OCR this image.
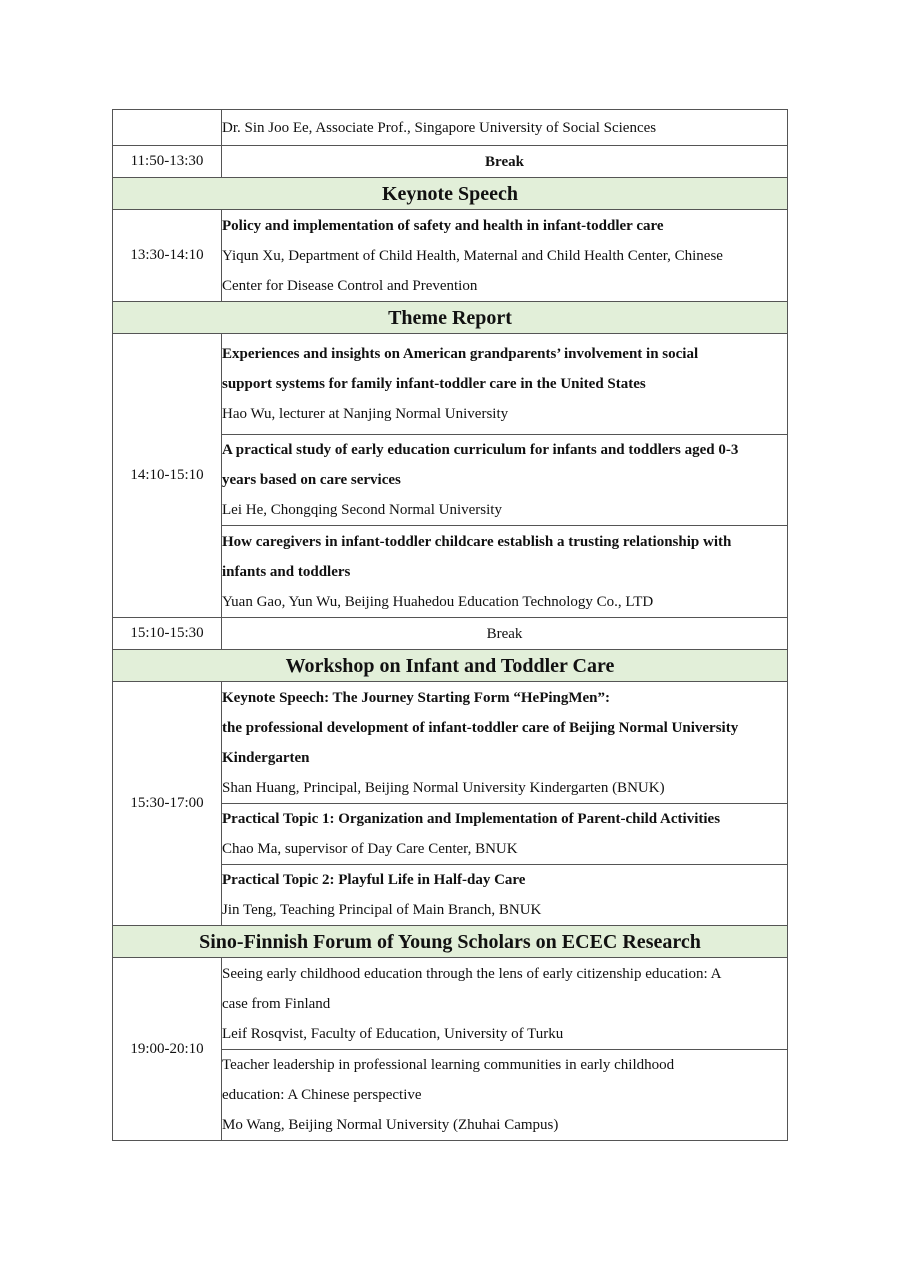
	Dr. Sin Joo Ee, Associate Prof., Singapore University of Social Sciences

11:50-13:30	Break
Keynote Speech	
13:30-14:10	Policy and implementation of safety and health in infant-toddler care
Yiqun Xu, Department of Child Health, Maternal and Child Health Center, Chinese
Center for Disease Control and Prevention

Theme Report	
14:10-15:10	Experiences and insights on American grandparents’ involvement in social
support systems for family infant-toddler care in the United States
Hao Wu, lecturer at Nanjing Normal University

	A practical study of early education curriculum for infants and toddlers aged 0-3
years based on care services
Lei He, Chongqing Second Normal University

	How caregivers in infant-toddler childcare establish a trusting relationship with
infants and toddlers
Yuan Gao, Yun Wu, Beijing Huahedou Education Technology Co., LTD

15:10-15:30	Break
Workshop on Infant and Toddler Care	
15:30-17:00	Keynote Speech: The Journey Starting Form “HePingMen”:
the professional development of infant-toddler care of Beijing Normal University
Kindergarten
Shan Huang, Principal, Beijing Normal University Kindergarten (BNUK)

	Practical Topic 1: Organization and Implementation of Parent-child Activities
Chao Ma, supervisor of Day Care Center, BNUK

	Practical Topic 2: Playful Life in Half-day Care
Jin Teng, Teaching Principal of Main Branch, BNUK

Sino-Finnish Forum of Young Scholars on ECEC Research	
19:00-20:10	Seeing early childhood education through the lens of early citizenship education: A
case from Finland
Leif Rosqvist, Faculty of Education, University of Turku

	Teacher leadership in professional learning communities in early childhood
education: A Chinese perspective
Mo Wang, Beijing Normal University (Zhuhai Campus)
